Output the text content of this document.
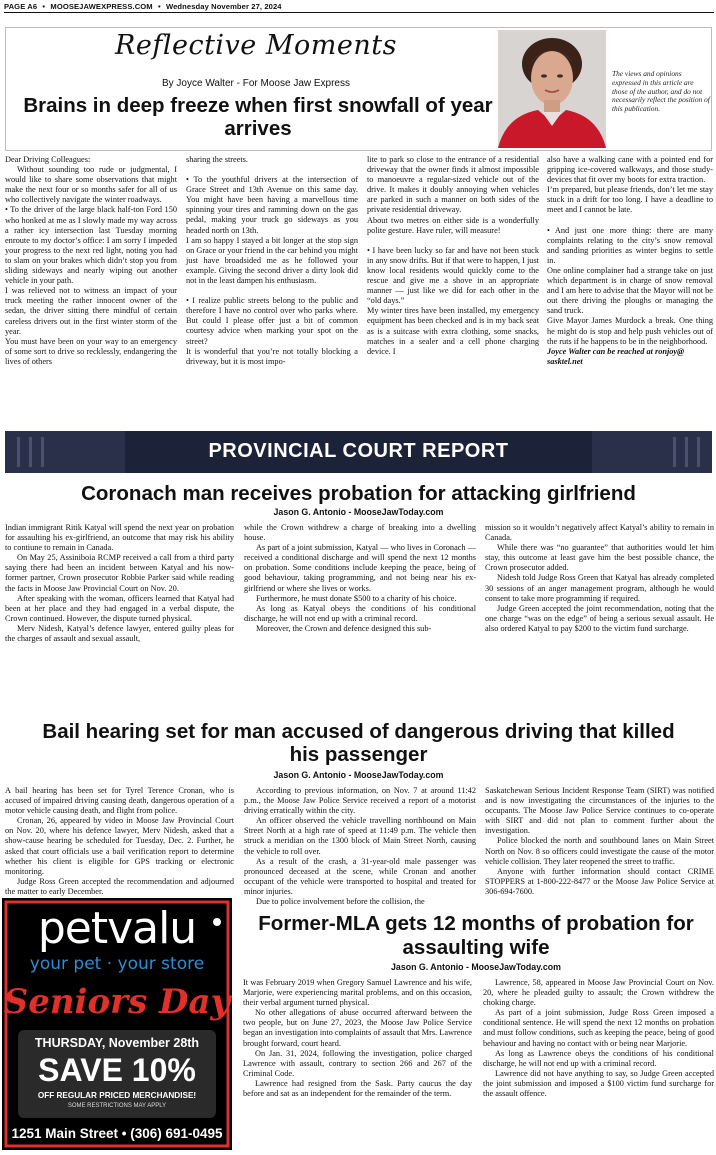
PAGE A6 • MOOSEJAWEXPRESS.COM • Wednesday November 27, 2024
Reflective Moments
By Joyce Walter - For Moose Jaw Express
Brains in deep freeze when first snowfall of year arrives
The views and opinions expressed in this article are those of the author, and do not necessarily reflect the position of this publication.

Dear Driving Colleagues:

Without sounding too rude or judgmental, I would like to share some observations that might make the next four or so months safer for all of us who collectively navigate the winter roadways.

• To the driver of the large black half-ton Ford 150 who honked at me as I slowly made my way across a rather icy intersection last Tuesday morning enroute to my doctor’s office: I am sorry I impeded your progress to the next red light, noting you had to slam on your brakes which didn’t stop you from sliding sideways and nearly wiping out another vehicle in your path.

I was relieved not to witness an impact of your truck meeting the rather innocent owner of the sedan, the driver sitting there mindful of certain careless drivers out in the first winter storm of the year.

You must have been on your way to an emergency of some sort to drive so recklessly, endangering the lives of others

sharing the streets.

• To the youthful drivers at the intersection of Grace Street and 13th Avenue on this same day. You might have been having a marvellous time spinning your tires and ramming down on the gas pedal, making your truck go sideways as you headed north on 13th.

I am so happy I stayed a bit longer at the stop sign on Grace or your friend in the car behind you might just have broadsided me as he followed your example. Giving the second driver a dirty look did not in the least dampen his enthusiasm.

• I realize public streets belong to the public and therefore I have no control over who parks where. But could I please offer just a bit of common courtesy advice when marking your spot on the street?

It is wonderful that you’re not totally blocking a driveway, but it is most impo-

lite to park so close to the entrance of a residential driveway that the owner finds it almost impossible to manoeuvre a regular-sized vehicle out of the drive. It makes it doubly annoying when vehicles are parked in such a manner on both sides of the private residential driveway.

About two metres on either side is a wonderfully polite gesture. Have ruler, will measure!

• I have been lucky so far and have not been stuck in any snow drifts. But if that were to happen, I just know local residents would quickly come to the rescue and give me a shove in an appropriate manner — just like we did for each other in the “old days.”

My winter tires have been installed, my emergency equipment has been checked and is in my back seat as is a suitcase with extra clothing, some snacks, matches in a sealer and a cell phone charging device. I

also have a walking cane with a pointed end for gripping ice-covered walkways, and those study-devices that fit over my boots for extra traction.

I’m prepared, but please friends, don’t let me stay stuck in a drift for too long. I have a deadline to meet and I cannot be late.

• And just one more thing: there are many complaints relating to the city’s snow removal and sanding priorities as winter begins to settle in.

One online complainer had a strange take on just which department is in charge of snow removal and I am here to advise that the Mayor will not be out there driving the ploughs or managing the sand truck.

Give Mayor James Murdock a break. One thing he might do is stop and help push vehicles out of the ruts if he happens to be in the neighborhood.

Joyce Walter can be reached at ronjoy@ sasktel.net

PROVINCIAL COURT REPORT
Coronach man receives probation for attacking girlfriend
Jason G. Antonio - MooseJawToday.com

Indian immigrant Ritik Katyal will spend the next year on probation for assaulting his ex-girlfriend, an outcome that may risk his ability to contiune to remain in Canada.

On May 25, Assiniboia RCMP received a call from a third party saying there had been an incident between Katyal and his now-former partner, Crown prosecutor Robbie Parker said while reading the facts in Moose Jaw Provincial Court on Nov. 20.

After speaking with the woman, officers learned that Katyal had been at her place and they had engaged in a verbal dispute, the Crown continued. However, the dispute turned physical.

Merv Nidesh, Katyal’s defence lawyer, entered guilty pleas for the charges of assault and sexual assault,

while the Crown withdrew a charge of breaking into a dwelling house.

As part of a joint submission, Katyal — who lives in Coronach — received a conditional discharge and will spend the next 12 months on probation. Some conditions include keeping the peace, being of good behaviour, taking programming, and not being near his ex-girlfriend or where she lives or works.

Furthermore, he must donate $500 to a charity of his choice.

As long as Katyal obeys the conditions of his conditional discharge, he will not end up with a criminal record.

Moreover, the Crown and defence designed this sub-

mission so it wouldn’t negatively affect Katyal’s ability to remain in Canada.

While there was “no guarantee” that authorities would let him stay, this outcome at least gave him the best possible chance, the Crown prosecutor added.

Nidesh told Judge Ross Green that Katyal has already completed 30 sessions of an anger management program, although he would consent to take more programming if required.

Judge Green accepted the joint recommendation, noting that the one charge “was on the edge” of being a serious sexual assault. He also ordered Katyal to pay $200 to the victim fund surcharge.

Bail hearing set for man accused of dangerous driving that killed his passenger
Jason G. Antonio - MooseJawToday.com

A bail hearing has been set for Tyrel Terence Cronan, who is accused of impaired driving causing death, dangerous operation of a motor vehicle causing death, and flight from police.

Cronan, 26, appeared by video in Moose Jaw Provincial Court on Nov. 20, where his defence lawyer, Merv Nidesh, asked that a show-cause hearing be scheduled for Tuesday, Dec. 2. Further, he asked that court officials use a bail verification report to determine whether his client is eligible for GPS tracking or electronic monitoring.

Judge Ross Green accepted the recommendation and adjourned the matter to early December.

According to previous information, on Nov. 7 at around 11:42 p.m., the Moose Jaw Police Service received a report of a motorist driving erratically within the city.

An officer observed the vehicle travelling northbound on Main Street North at a high rate of speed at 11:49 p.m. The vehicle then struck a meridian on the 1300 block of Main Street North, causing the vehicle to roll over.

As a result of the crash, a 31-year-old male passenger was pronounced deceased at the scene, while Cronan and another occupant of the vehicle were transported to hospital and treated for minor injuries.

Due to police involvement before the collision, the

Saskatchewan Serious Incident Response Team (SIRT) was notified and is now investigating the circumstances of the injuries to the occupants. The Moose Jaw Police Service continues to co-operate with SIRT and did not plan to comment further about the investigation.

Police blocked the north and southbound lanes on Main Street North on Nov. 8 so officers could investigate the cause of the motor vehicle collision. They later reopened the street to traffic.

Anyone with further information should contact CRIME STOPPERS at 1-800-222-8477 or the Moose Jaw Police Service at 306-694-7600.

petvalu
your pet · your store
Seniors Day
THURSDAY, November 28th
SAVE 10%
OFF REGULAR PRICED MERCHANDISE!
SOME RESTRICTIONS MAY APPLY
1251 Main Street • (306) 691-0495
Former-MLA gets 12 months of probation for assaulting wife
Jason G. Antonio - MooseJawToday.com

It was February 2019 when Gregory Samuel Lawrence and his wife, Marjorie, were experiencing marital problems, and on this occasion, their verbal argument turned physical.

No other allegations of abuse occurred afterward between the two people, but on June 27, 2023, the Moose Jaw Police Service began an investigation into complaints of assault that Mrs. Lawrence brought forward, court heard.

On Jan. 31, 2024, following the investigation, police charged Lawrence with assault, contrary to section 266 and 267 of the Criminal Code.

Lawrence had resigned from the Sask. Party caucus the day before and sat as an independent for the remainder of the term.

Lawrence, 58, appeared in Moose Jaw Provincial Court on Nov. 20, where he pleaded guilty to assault; the Crown withdrew the choking charge.

As part of a joint submission, Judge Ross Green imposed a conditional sentence. He will spend the next 12 months on probation and must follow conditions, such as keeping the peace, being of good behaviour and having no contact with or being near Marjorie.

As long as Lawrence obeys the conditions of his conditional discharge, he will not end up with a criminal record.

Lawrence did not have anything to say, so Judge Green accepted the joint submission and imposed a $100 victim fund surcharge for the assault offence.
